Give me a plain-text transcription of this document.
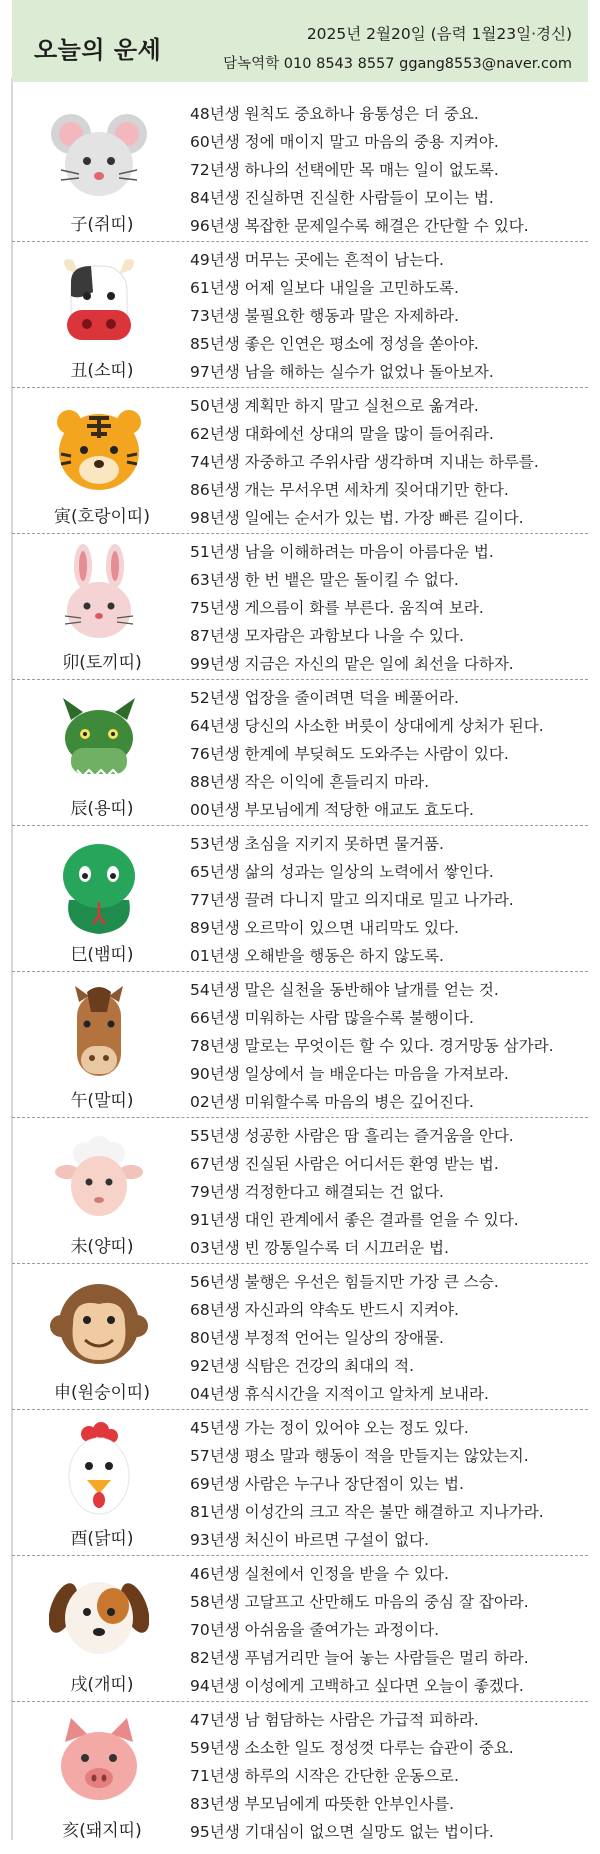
오늘의 운세
2025년 2월20일 (음력 1월23일·경신)
담녹역학 010 8543 8557 ggang8553@naver.com
子(쥐띠)
48년생 원칙도 중요하나 융통성은 더 중요.
60년생 정에 매이지 말고 마음의 중용 지켜야.
72년생 하나의 선택에만 목 매는 일이 없도록.
84년생 진실하면 진실한 사람들이 모이는 법.
96년생 복잡한 문제일수록 해결은 간단할 수 있다.
丑(소띠)
49년생 머무는 곳에는 흔적이 남는다.
61년생 어제 일보다 내일을 고민하도록.
73년생 불필요한 행동과 말은 자제하라.
85년생 좋은 인연은 평소에 정성을 쏟아야.
97년생 남을 해하는 실수가 없었나 돌아보자.
寅(호랑이띠)
50년생 계획만 하지 말고 실천으로 옮겨라.
62년생 대화에선 상대의 말을 많이 들어줘라.
74년생 자중하고 주위사람 생각하며 지내는 하루를.
86년생 개는 무서우면 세차게 짖어대기만 한다.
98년생 일에는 순서가 있는 법. 가장 빠른 길이다.
卯(토끼띠)
51년생 남을 이해하려는 마음이 아름다운 법.
63년생 한 번 뱉은 말은 돌이킬 수 없다.
75년생 게으름이 화를 부른다. 움직여 보라.
87년생 모자람은 과함보다 나을 수 있다.
99년생 지금은 자신의 맡은 일에 최선을 다하자.
辰(용띠)
52년생 업장을 줄이려면 덕을 베풀어라.
64년생 당신의 사소한 버릇이 상대에게 상처가 된다.
76년생 한계에 부딪혀도 도와주는 사람이 있다.
88년생 작은 이익에 흔들리지 마라.
00년생 부모님에게 적당한 애교도 효도다.
巳(뱀띠)
53년생 초심을 지키지 못하면 물거품.
65년생 삶의 성과는 일상의 노력에서 쌓인다.
77년생 끌려 다니지 말고 의지대로 밀고 나가라.
89년생 오르막이 있으면 내리막도 있다.
01년생 오해받을 행동은 하지 않도록.
午(말띠)
54년생 말은 실천을 동반해야 날개를 얻는 것.
66년생 미워하는 사람 많을수록 불행이다.
78년생 말로는 무엇이든 할 수 있다. 경거망동 삼가라.
90년생 일상에서 늘 배운다는 마음을 가져보라.
02년생 미워할수록 마음의 병은 깊어진다.
未(양띠)
55년생 성공한 사람은 땀 흘리는 즐거움을 안다.
67년생 진실된 사람은 어디서든 환영 받는 법.
79년생 걱정한다고 해결되는 건 없다.
91년생 대인 관계에서 좋은 결과를 얻을 수 있다.
03년생 빈 깡통일수록 더 시끄러운 법.
申(원숭이띠)
56년생 불행은 우선은 힘들지만 가장 큰 스승.
68년생 자신과의 약속도 반드시 지켜야.
80년생 부정적 언어는 일상의 장애물.
92년생 식탐은 건강의 최대의 적.
04년생 휴식시간을 지적이고 알차게 보내라.
酉(닭띠)
45년생 가는 정이 있어야 오는 정도 있다.
57년생 평소 말과 행동이 적을 만들지는 않았는지.
69년생 사람은 누구나 장단점이 있는 법.
81년생 이성간의 크고 작은 불만 해결하고 지나가라.
93년생 처신이 바르면 구설이 없다.
戌(개띠)
46년생 실천에서 인정을 받을 수 있다.
58년생 고달프고 산만해도 마음의 중심 잘 잡아라.
70년생 아쉬움을 줄여가는 과정이다.
82년생 푸념거리만 늘어 놓는 사람들은 멀리 하라.
94년생 이성에게 고백하고 싶다면 오늘이 좋겠다.
亥(돼지띠)
47년생 남 험담하는 사람은 가급적 피하라.
59년생 소소한 일도 정성껏 다루는 습관이 중요.
71년생 하루의 시작은 간단한 운동으로.
83년생 부모님에게 따뜻한 안부인사를.
95년생 기대심이 없으면 실망도 없는 법이다.
